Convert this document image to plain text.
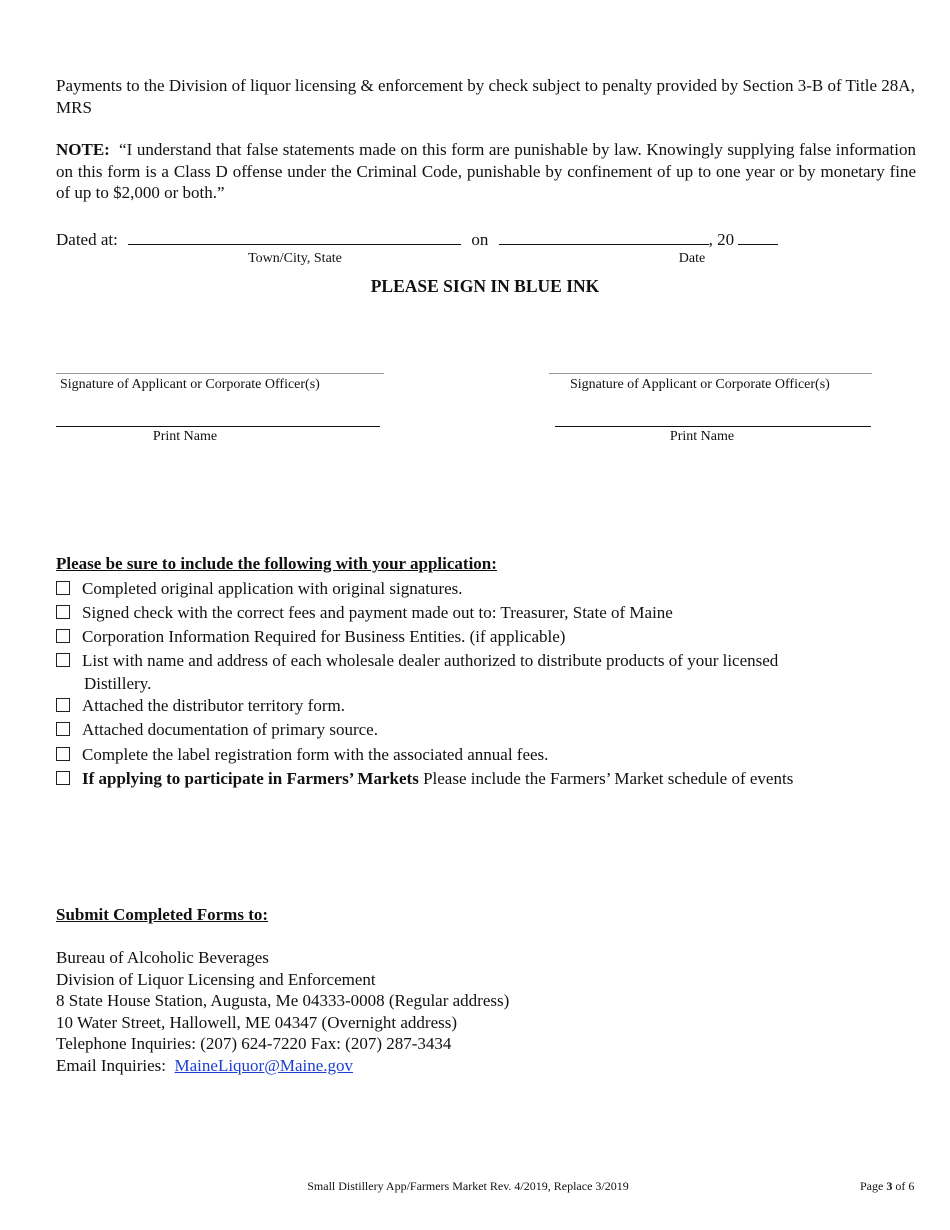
Payments to the Division of liquor licensing & enforcement by check subject to penalty provided by Section 3-B of Title 28A, MRS
NOTE: “I understand that false statements made on this form are punishable by law. Knowingly supplying false information on this form is a Class D offense under the Criminal Code, punishable by confinement of up to one year or by monetary fine of up to $2,000 or both.”
Dated at:	on	, 20
Town/City, State	Date
PLEASE SIGN IN BLUE INK
Signature of Applicant or Corporate Officer(s)	Signature of Applicant or Corporate Officer(s)
Print Name	Print Name
Please be sure to include the following with your application:
Completed original application with original signatures.
Signed check with the correct fees and payment made out to: Treasurer, State of Maine
Corporation Information Required for Business Entities. (if applicable)
List with name and address of each wholesale dealer authorized to distribute products of your licensed
Distillery.
Attached the distributor territory form.
Attached documentation of primary source.
Complete the label registration form with the associated annual fees.
If applying to participate in Farmers’ Markets Please include the Farmers’ Market schedule of events
Submit Completed Forms to:
Bureau of Alcoholic Beverages
Division of Liquor Licensing and Enforcement
8 State House Station, Augusta, Me 04333-0008 (Regular address)
10 Water Street, Hallowell, ME 04347 (Overnight address)
Telephone Inquiries: (207) 624-7220 Fax: (207) 287-3434
Email Inquiries: MaineLiquor@Maine.gov
Small Distillery App/Farmers Market Rev. 4/2019, Replace 3/2019	Page 3 of 6
